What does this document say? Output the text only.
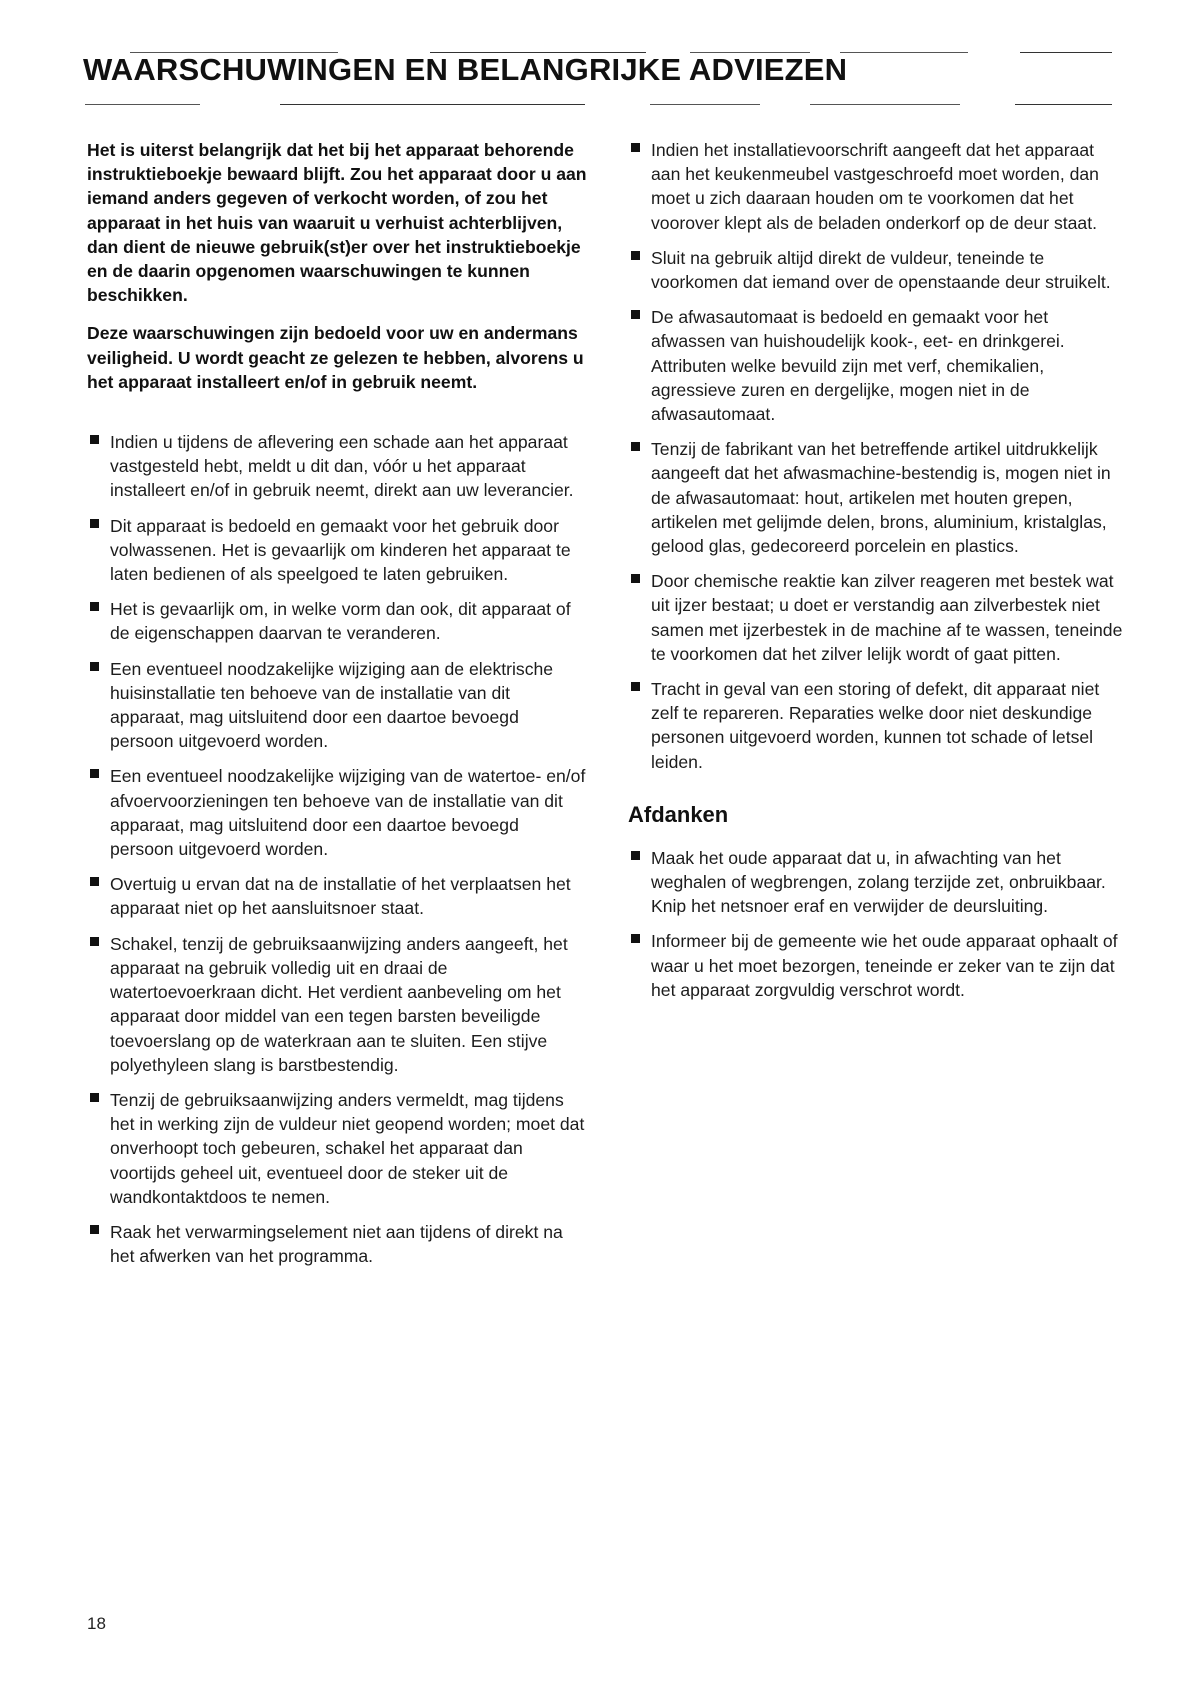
WAARSCHUWINGEN EN BELANGRIJKE ADVIEZEN

Het is uiterst belangrijk dat het bij het apparaat behorende instruktieboekje bewaard blijft. Zou het apparaat door u aan iemand anders gegeven of verkocht worden, of zou het apparaat in het huis van waaruit u verhuist achterblijven, dan dient de nieuwe gebruik(st)er over het instruktieboekje en de daarin opgenomen waarschuwingen te kunnen beschikken.

Deze waarschuwingen zijn bedoeld voor uw en andermans veiligheid. U wordt geacht ze gelezen te hebben, alvorens u het apparaat installeert en/of in gebruik neemt.

Indien u tijdens de aflevering een schade aan het apparaat vastgesteld hebt, meldt u dit dan, vóór u het apparaat installeert en/of in gebruik neemt, direkt aan uw leverancier.
Dit apparaat is bedoeld en gemaakt voor het gebruik door volwassenen. Het is gevaarlijk om kinderen het apparaat te laten bedienen of als speelgoed te laten gebruiken.
Het is gevaarlijk om, in welke vorm dan ook, dit apparaat of de eigenschappen daarvan te veranderen.
Een eventueel noodzakelijke wijziging aan de elektrische huisinstallatie ten behoeve van de installatie van dit apparaat, mag uitsluitend door een daartoe bevoegd persoon uitgevoerd worden.
Een eventueel noodzakelijke wijziging van de watertoe- en/of afvoervoorzieningen ten behoeve van de installatie van dit apparaat, mag uitsluitend door een daartoe bevoegd persoon uitgevoerd worden.
Overtuig u ervan dat na de installatie of het verplaatsen het apparaat niet op het aansluitsnoer staat.
Schakel, tenzij de gebruiksaanwijzing anders aangeeft, het apparaat na gebruik volledig uit en draai de watertoevoerkraan dicht. Het verdient aanbeveling om het apparaat door middel van een tegen barsten beveiligde toevoerslang op de waterkraan aan te sluiten. Een stijve polyethyleen slang is barstbestendig.
Tenzij de gebruiksaanwijzing anders vermeldt, mag tijdens het in werking zijn de vuldeur niet geopend worden; moet dat onverhoopt toch gebeuren, schakel het apparaat dan voortijds geheel uit, eventueel door de steker uit de wandkontaktdoos te nemen.
Raak het verwarmingselement niet aan tijdens of direkt na het afwerken van het programma.
Indien het installatievoorschrift aangeeft dat het apparaat aan het keukenmeubel vastgeschroefd moet worden, dan moet u zich daaraan houden om te voorkomen dat het voorover klept als de beladen onderkorf op de deur staat.
Sluit na gebruik altijd direkt de vuldeur, teneinde te voorkomen dat iemand over de openstaande deur struikelt.
De afwasautomaat is bedoeld en gemaakt voor het afwassen van huishoudelijk kook-, eet- en drinkgerei. Attributen welke bevuild zijn met verf, chemikalien, agressieve zuren en dergelijke, mogen niet in de afwasautomaat.
Tenzij de fabrikant van het betreffende artikel uitdrukkelijk aangeeft dat het afwasmachine-bestendig is, mogen niet in de afwasautomaat: hout, artikelen met houten grepen, artikelen met gelijmde delen, brons, aluminium, kristalglas, gelood glas, gedecoreerd porcelein en plastics.
Door chemische reaktie kan zilver reageren met bestek wat uit ijzer bestaat; u doet er verstandig aan zilverbestek niet samen met ijzerbestek in de machine af te wassen, teneinde te voorkomen dat het zilver lelijk wordt of gaat pitten.
Tracht in geval van een storing of defekt, dit apparaat niet zelf te repareren. Reparaties welke door niet deskundige personen uitgevoerd worden, kunnen tot schade of letsel leiden.
Afdanken
Maak het oude apparaat dat u, in afwachting van het weghalen of wegbrengen, zolang terzijde zet, onbruikbaar. Knip het netsnoer eraf en verwijder de deursluiting.
Informeer bij de gemeente wie het oude apparaat ophaalt of waar u het moet bezorgen, teneinde er zeker van te zijn dat het apparaat zorgvuldig verschrot wordt.
18
